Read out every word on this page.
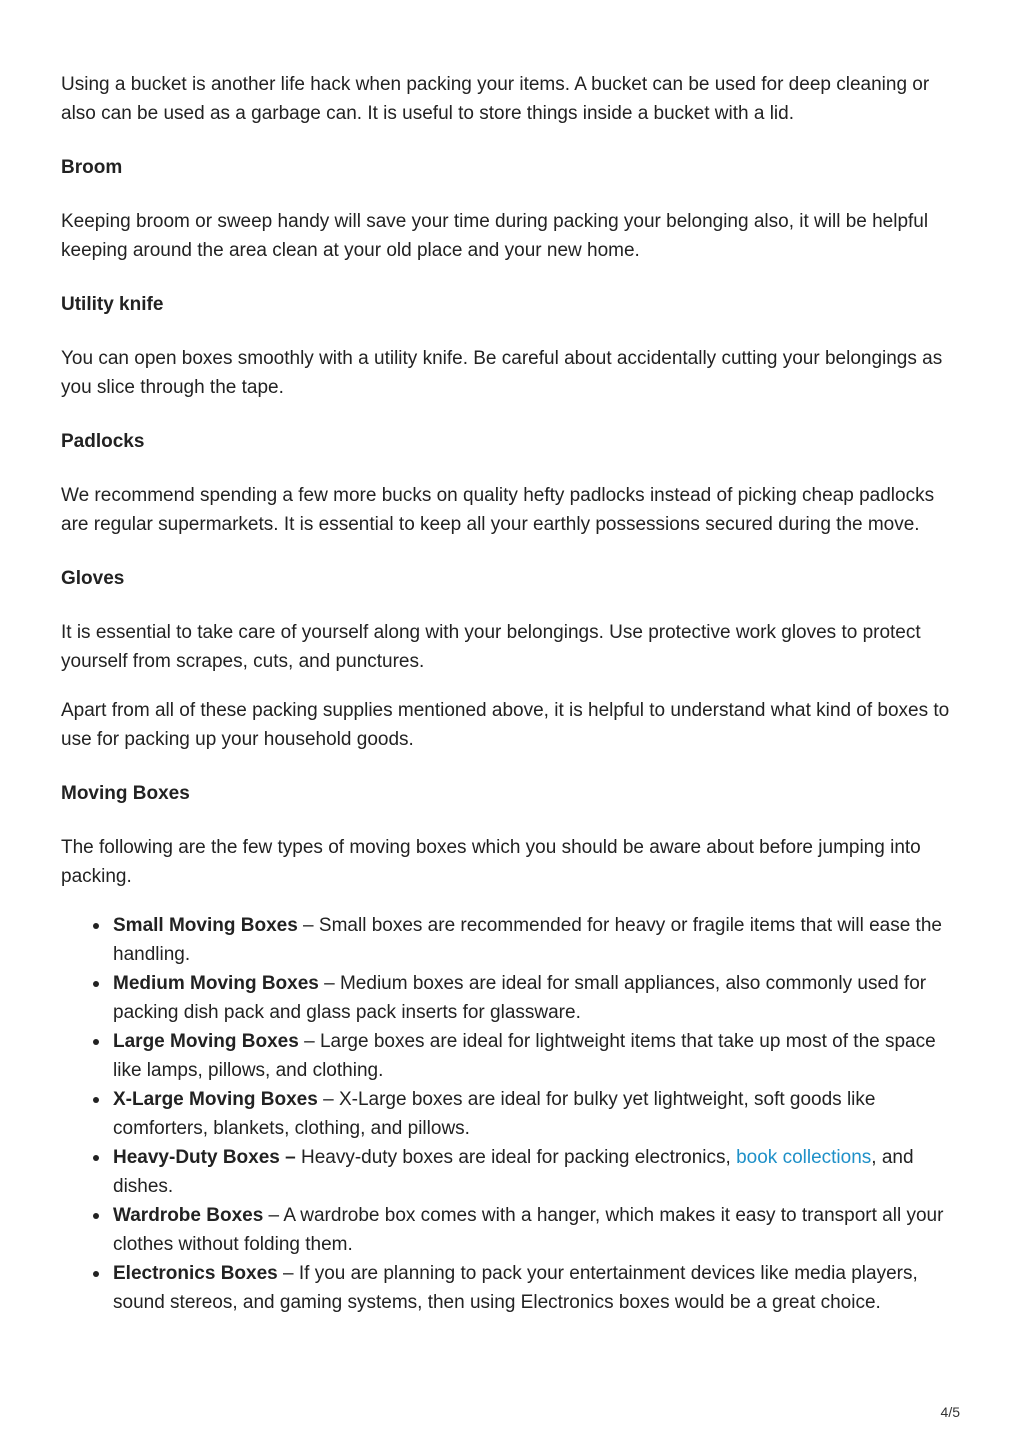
Using a bucket is another life hack when packing your items. A bucket can be used for deep cleaning or also can be used as a garbage can. It is useful to store things inside a bucket with a lid.

Broom

Keeping broom or sweep handy will save your time during packing your belonging also, it will be helpful keeping around the area clean at your old place and your new home.

Utility knife

You can open boxes smoothly with a utility knife. Be careful about accidentally cutting your belongings as you slice through the tape.

Padlocks

We recommend spending a few more bucks on quality hefty padlocks instead of picking cheap padlocks are regular supermarkets. It is essential to keep all your earthly possessions secured during the move.

Gloves

It is essential to take care of yourself along with your belongings. Use protective work gloves to protect yourself from scrapes, cuts, and punctures.

Apart from all of these packing supplies mentioned above, it is helpful to understand what kind of boxes to use for packing up your household goods.

Moving Boxes

The following are the few types of moving boxes which you should be aware about before jumping into packing.

Small Moving Boxes – Small boxes are recommended for heavy or fragile items that will ease the handling.
Medium Moving Boxes – Medium boxes are ideal for small appliances, also commonly used for packing dish pack and glass pack inserts for glassware.
Large Moving Boxes – Large boxes are ideal for lightweight items that take up most of the space like lamps, pillows, and clothing.
X-Large Moving Boxes – X-Large boxes are ideal for bulky yet lightweight, soft goods like comforters, blankets, clothing, and pillows.
Heavy-Duty Boxes – Heavy-duty boxes are ideal for packing electronics, book collections, and dishes.
Wardrobe Boxes – A wardrobe box comes with a hanger, which makes it easy to transport all your clothes without folding them.
Electronics Boxes – If you are planning to pack your entertainment devices like media players, sound stereos, and gaming systems, then using Electronics boxes would be a great choice.
4/5
